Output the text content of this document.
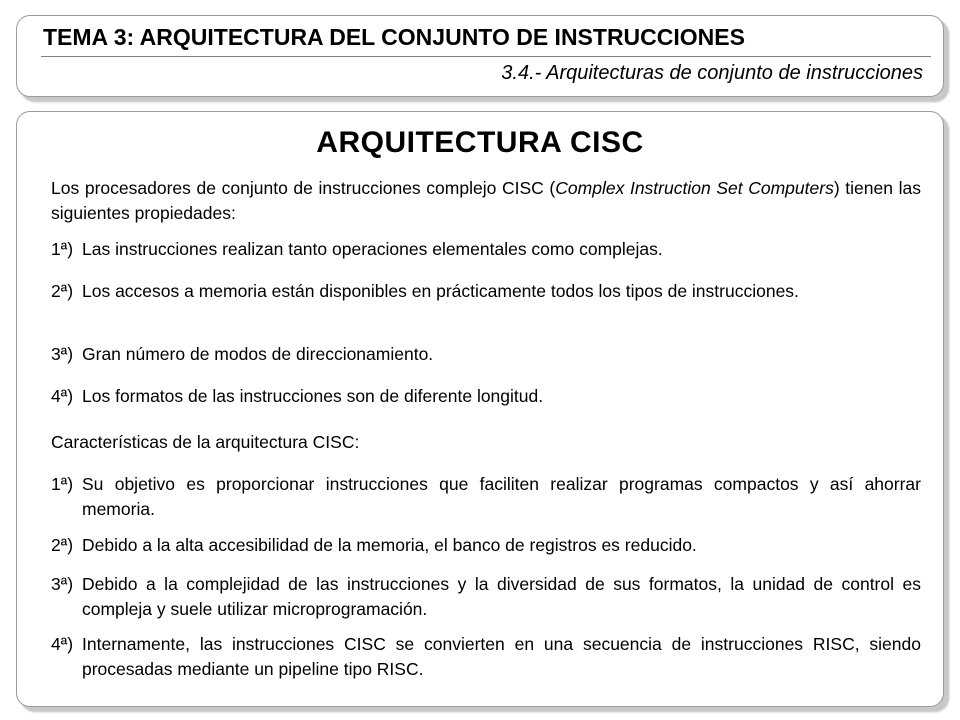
TEMA 3: ARQUITECTURA DEL CONJUNTO DE INSTRUCCIONES
3.4.- Arquitecturas de conjunto de instrucciones
ARQUITECTURA CISC
Los procesadores de conjunto de instrucciones complejo CISC (Complex Instruction Set Computers) tienen las siguientes propiedades:
1ª) Las instrucciones realizan tanto operaciones elementales como complejas.
2ª) Los accesos a memoria están disponibles en prácticamente todos los tipos de instrucciones.
3ª) Gran número de modos de direccionamiento.
4ª) Los formatos de las instrucciones son de diferente longitud.
Características de la arquitectura CISC:
1ª) Su objetivo es proporcionar instrucciones que faciliten realizar programas compactos y así ahorrar memoria.
2ª) Debido a la alta accesibilidad de la memoria, el banco de registros es reducido.
3ª) Debido a la complejidad de las instrucciones y la diversidad de sus formatos, la unidad de control es compleja y suele utilizar microprogramación.
4ª) Internamente, las instrucciones CISC se convierten en una secuencia de instrucciones RISC, siendo procesadas mediante un pipeline tipo RISC.
